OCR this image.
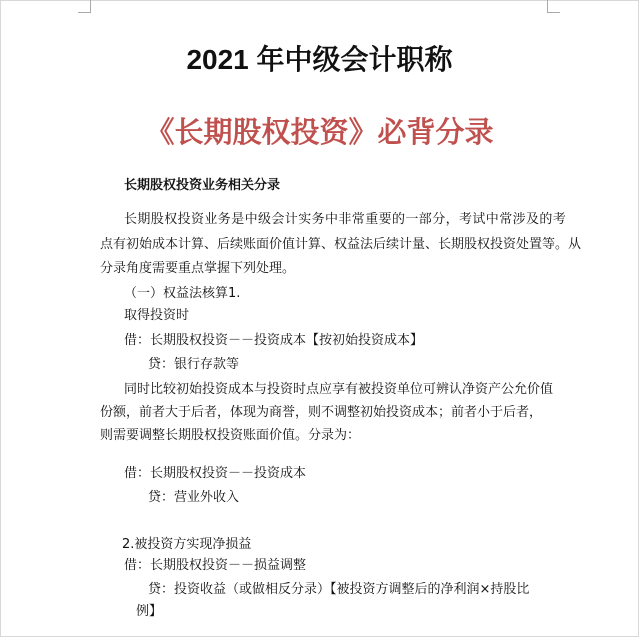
2021 年中级会计职称
《长期股权投资》必背分录
长期股权投资业务相关分录
长期股权投资业务是中级会计实务中非常重要的一部分，考试中常涉及的考
点有初始成本计算、后续账面价值计算、权益法后续计量、长期股权投资处置等。从
分录角度需要重点掌握下列处理。
（一）权益法核算1.
取得投资时
借：长期股权投资－－投资成本【按初始投资成本】
贷：银行存款等
同时比较初始投资成本与投资时点应享有被投资单位可辨认净资产公允价值
份额，前者大于后者，体现为商誉，则不调整初始投资成本；前者小于后者，
则需要调整长期股权投资账面价值。分录为：
借：长期股权投资－－投资成本
贷：营业外收入
2.被投资方实现净损益
借：长期股权投资－－损益调整
贷：投资收益（或做相反分录）【被投资方调整后的净利润×持股比
例】
